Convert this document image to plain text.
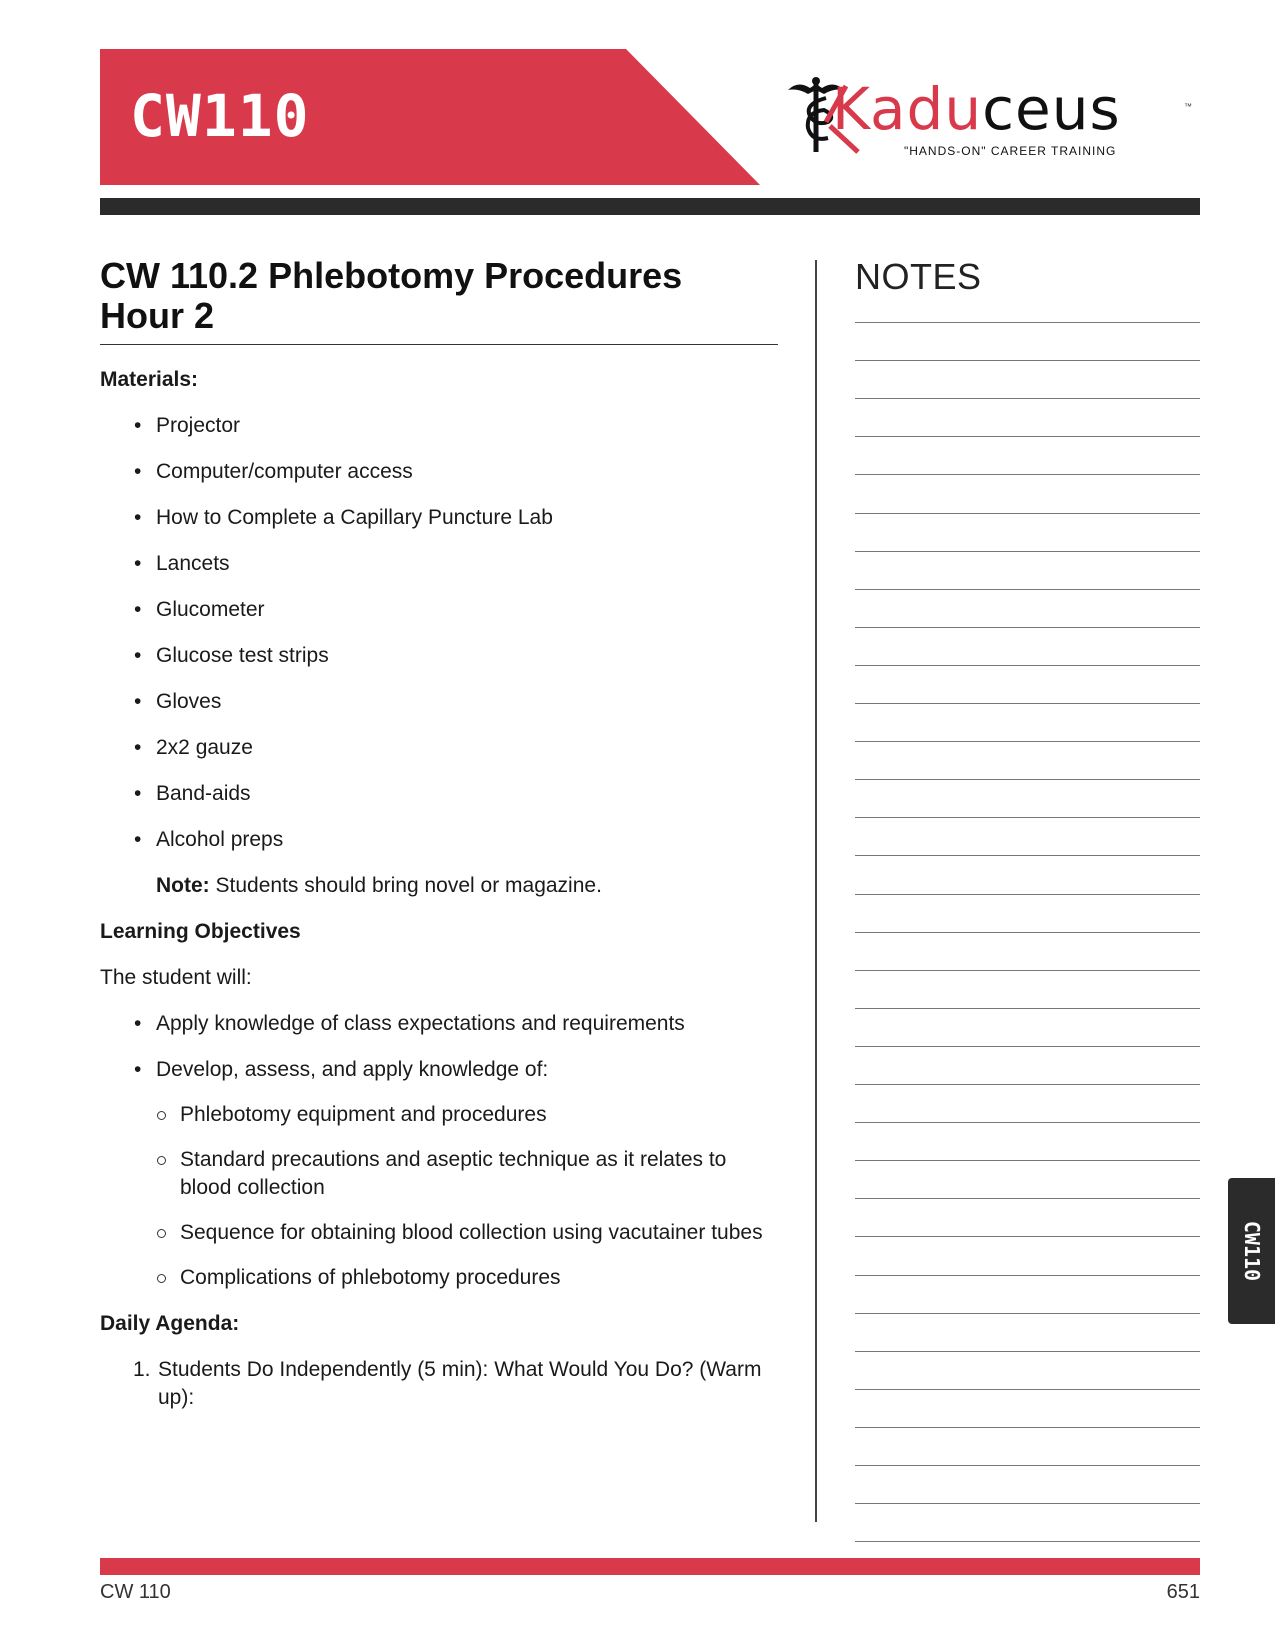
CW110	Kaduceus	™
"HANDS-ON" CAREER TRAINING
CW 110.2 Phlebotomy Procedures
Hour 2
Materials:
• Projector
• Computer/computer access
• How to Complete a Capillary Puncture Lab
• Lancets
• Glucometer
• Glucose test strips
• Gloves
• 2x2 gauze
• Band-aids
• Alcohol preps
Note: Students should bring novel or magazine.
Learning Objectives

The student will:

• Apply knowledge of class expectations and requirements
• Develop, assess, and apply knowledge of:
Phlebotomy equipment and procedures
Standard precautions and aseptic technique as it relates to blood collection
Sequence for obtaining blood collection using vacutainer tubes
Complications of phlebotomy procedures
Daily Agenda:
1. Students Do Independently (5 min): What Would You Do? (Warm up):
NOTES
CW110
CW 110	651
